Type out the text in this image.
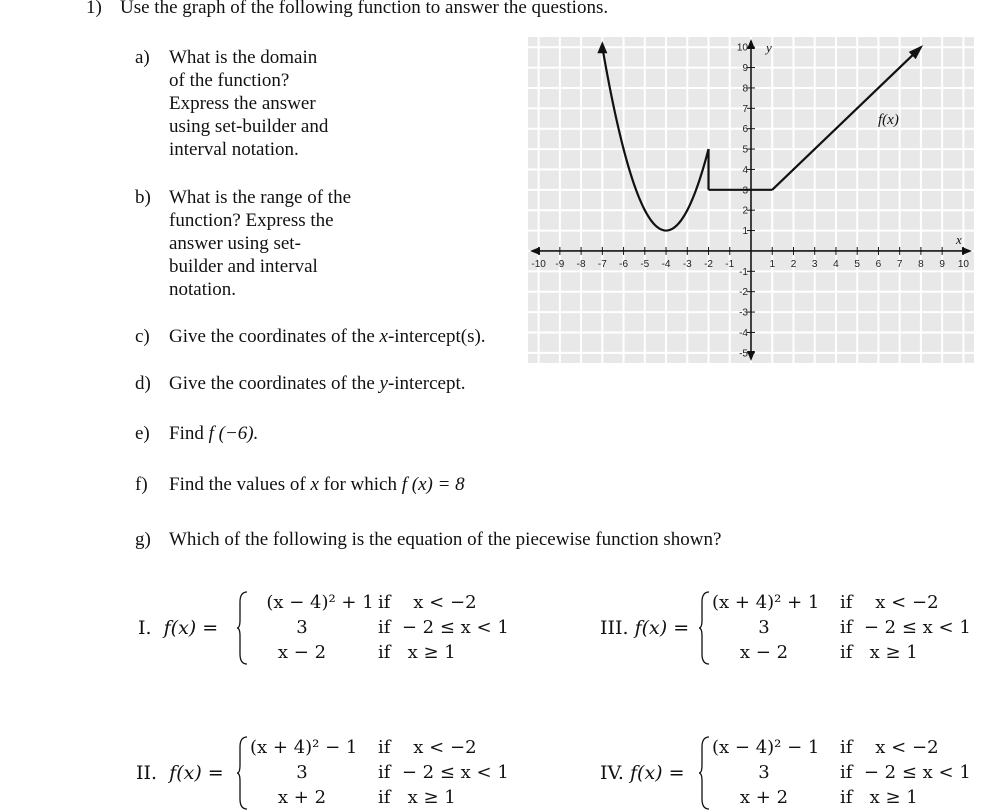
1) Use the graph of the following function to answer the questions.
a) What is the domain
of the function?
Express the answer
using set-builder and
interval notation.
b) What is the range of the
function? Express the
answer using set-
builder and interval
notation.
c) Give the coordinates of the x-intercept(s).
d) Give the coordinates of the y-intercept.
e) Find f (−6).
f) Find the values of x for which f (x) = 8
g) Which of the following is the equation of the piecewise function shown?
-10 -9 -8 -7 -6 -5 -4 -3 -2 -1	1 2 3 4 5 6 7 8 9 10
-5
-4
-3
-2
-1
1
2
3
4
5
6
7
8
9
10
f(x)
x
y
I. f(x) =
(x − 4)² + 1
3
x − 2
if    x < −2
if  − 2 ≤ x < 1
if   x ≥ 1
III. f(x) =
(x + 4)² + 1
3
x − 2
if    x < −2
if  − 2 ≤ x < 1
if   x ≥ 1
II. f(x) =
(x + 4)² − 1
3
x + 2
if    x < −2
if  − 2 ≤ x < 1
if   x ≥ 1
IV. f(x) =
(x − 4)² − 1
3
x + 2
if    x < −2
if  − 2 ≤ x < 1
if   x ≥ 1
